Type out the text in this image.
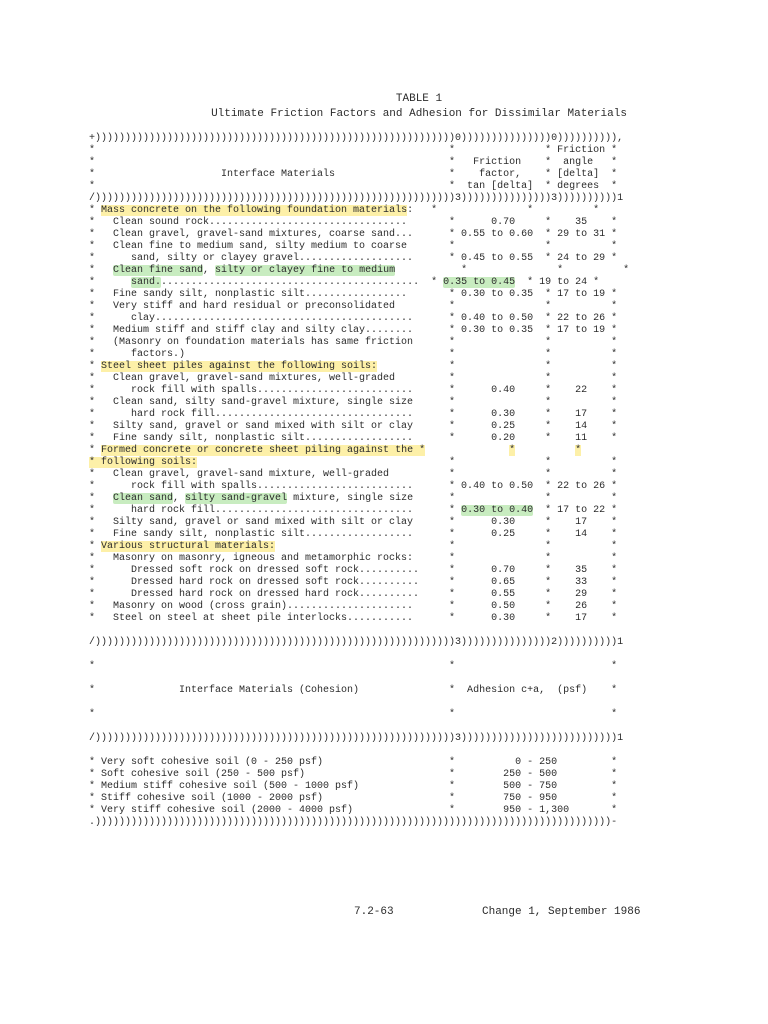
TABLE 1
Ultimate Friction Factors and Adhesion for Dissimilar Materials
+))))))))))))))))))))))))))))))))))))))))))))))))))))))))))))0)))))))))))))))0)))))))))),
*                                                           *               * Friction *
*                                                           *   Friction    *  angle   *
*                     Interface Materials                   *    factor,    * [delta]  *
*                                                           *  tan [delta]  * degrees  *
/))))))))))))))))))))))))))))))))))))))))))))))))))))))))))))3)))))))))))))))3))))))))))1
* Mass concrete on the following foundation materials:   *               *          *
*   Clean sound rock.................................       *      0.70     *    35    *
*   Clean gravel, gravel-sand mixtures, coarse sand...      * 0.55 to 0.60  * 29 to 31 *
*   Clean fine to medium sand, silty medium to coarse       *               *          *
*      sand, silty or clayey gravel...................      * 0.45 to 0.55  * 24 to 29 *
*   Clean fine sand, silty or clayey fine to medium           *               *          *
*      sand............................................  * 0.35 to 0.45  * 19 to 24 *
*   Fine sandy silt, nonplastic silt.................       * 0.30 to 0.35  * 17 to 19 *
*   Very stiff and hard residual or preconsolidated         *               *          *
*      clay...........................................      * 0.40 to 0.50  * 22 to 26 *
*   Medium stiff and stiff clay and silty clay........      * 0.30 to 0.35  * 17 to 19 *
*   (Masonry on foundation materials has same friction      *               *          *
*      factors.)                                            *               *          *
* Steel sheet piles against the following soils:            *               *          *
*   Clean gravel, gravel-sand mixtures, well-graded         *               *          *
*      rock fill with spalls..........................      *      0.40     *    22    *
*   Clean sand, silty sand-gravel mixture, single size      *               *          *
*      hard rock fill.................................      *      0.30     *    17    *
*   Silty sand, gravel or sand mixed with silt or clay      *      0.25     *    14    *
*   Fine sandy silt, nonplastic silt..................      *      0.20     *    11    *
* Formed concrete or concrete sheet piling against the *	*	*
* following soils:                                          *               *          *
*   Clean gravel, gravel-sand mixture, well-graded          *               *          *
*      rock fill with spalls..........................      * 0.40 to 0.50  * 22 to 26 *
*   Clean sand, silty sand-gravel mixture, single size      *               *          *
*      hard rock fill.................................      * 0.30 to 0.40  * 17 to 22 *
*   Silty sand, gravel or sand mixed with silt or clay      *      0.30     *    17    *
*   Fine sandy silt, nonplastic silt..................      *      0.25     *    14    *
* Various structural materials:                             *               *          *
*   Masonry on masonry, igneous and metamorphic rocks:      *               *          *
*      Dressed soft rock on dressed soft rock..........     *      0.70     *    35    *
*      Dressed hard rock on dressed soft rock..........     *      0.65     *    33    *
*      Dressed hard rock on dressed hard rock..........     *      0.55     *    29    *
*   Masonry on wood (cross grain).....................      *      0.50     *    26    *
*   Steel on steel at sheet pile interlocks...........      *      0.30     *    17    *

/))))))))))))))))))))))))))))))))))))))))))))))))))))))))))))3)))))))))))))))2))))))))))1

*                                                           *                          *

*              Interface Materials (Cohesion)               *  Adhesion c+a,  (psf)    *

*                                                           *                          *

/))))))))))))))))))))))))))))))))))))))))))))))))))))))))))))3))))))))))))))))))))))))))1

* Very soft cohesive soil (0 - 250 psf)                     *          0 - 250         *
* Soft cohesive soil (250 - 500 psf)                        *        250 - 500         *
* Medium stiff cohesive soil (500 - 1000 psf)               *        500 - 750         *
* Stiff cohesive soil (1000 - 2000 psf)                     *        750 - 950         *
* Very stiff cohesive soil (2000 - 4000 psf)                *        950 - 1,300       *
.))))))))))))))))))))))))))))))))))))))))))))))))))))))))))))))))))))))))))))))))))))))-
7.2-63	Change 1, September 1986
